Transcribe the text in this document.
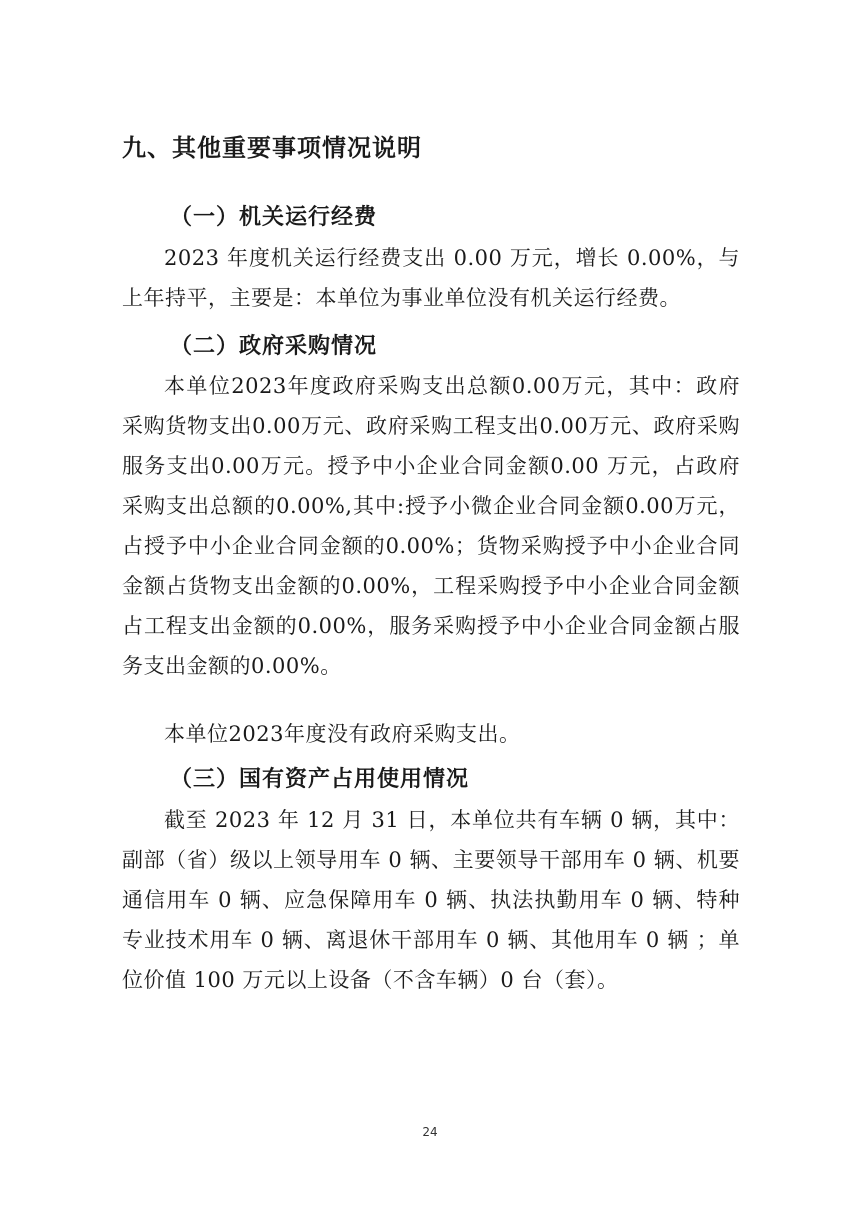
九、其他重要事项情况说明
（一）机关运行经费

2023 年度机关运行经费支出 0.00 万元，增长 0.00%，与上年持平，主要是：本单位为事业单位没有机关运行经费。

（二）政府采购情况

本单位2023年度政府采购支出总额0.00万元，其中：政府采购货物支出0.00万元、政府采购工程支出0.00万元、政府采购服务支出0.00万元。授予中小企业合同金额0.00 万元，占政府采购支出总额的0.00%,其中:授予小微企业合同金额0.00万元，占授予中小企业合同金额的0.00%；货物采购授予中小企业合同金额占货物支出金额的0.00%，工程采购授予中小企业合同金额占工程支出金额的0.00%，服务采购授予中小企业合同金额占服务支出金额的0.00%。

本单位2023年度没有政府采购支出。

（三）国有资产占用使用情况

截至 2023 年 12 月 31 日，本单位共有车辆 0 辆，其中：副部（省）级以上领导用车 0 辆、主要领导干部用车 0 辆、机要通信用车 0 辆、应急保障用车 0 辆、执法执勤用车 0 辆、特种专业技术用车 0 辆、离退休干部用车 0 辆、其他用车 0 辆 ；单位价值 100 万元以上设备（不含车辆）0 台（套）。

24
